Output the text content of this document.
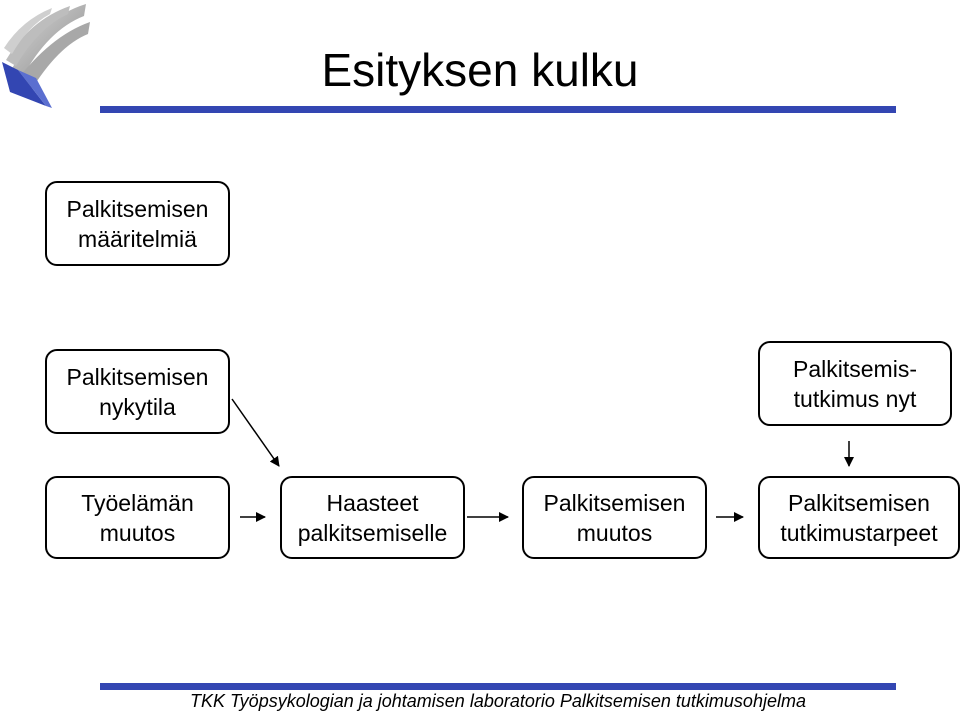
Esityksen kulku
Palkitsemisen
määritelmiä
Palkitsemisen
nykytila
Palkitsemis-
tutkimus nyt
Työelämän
muutos
Haasteet
palkitsemiselle
Palkitsemisen
muutos
Palkitsemisen
tutkimustarpeet
TKK Työpsykologian ja johtamisen laboratorio Palkitsemisen tutkimusohjelma
